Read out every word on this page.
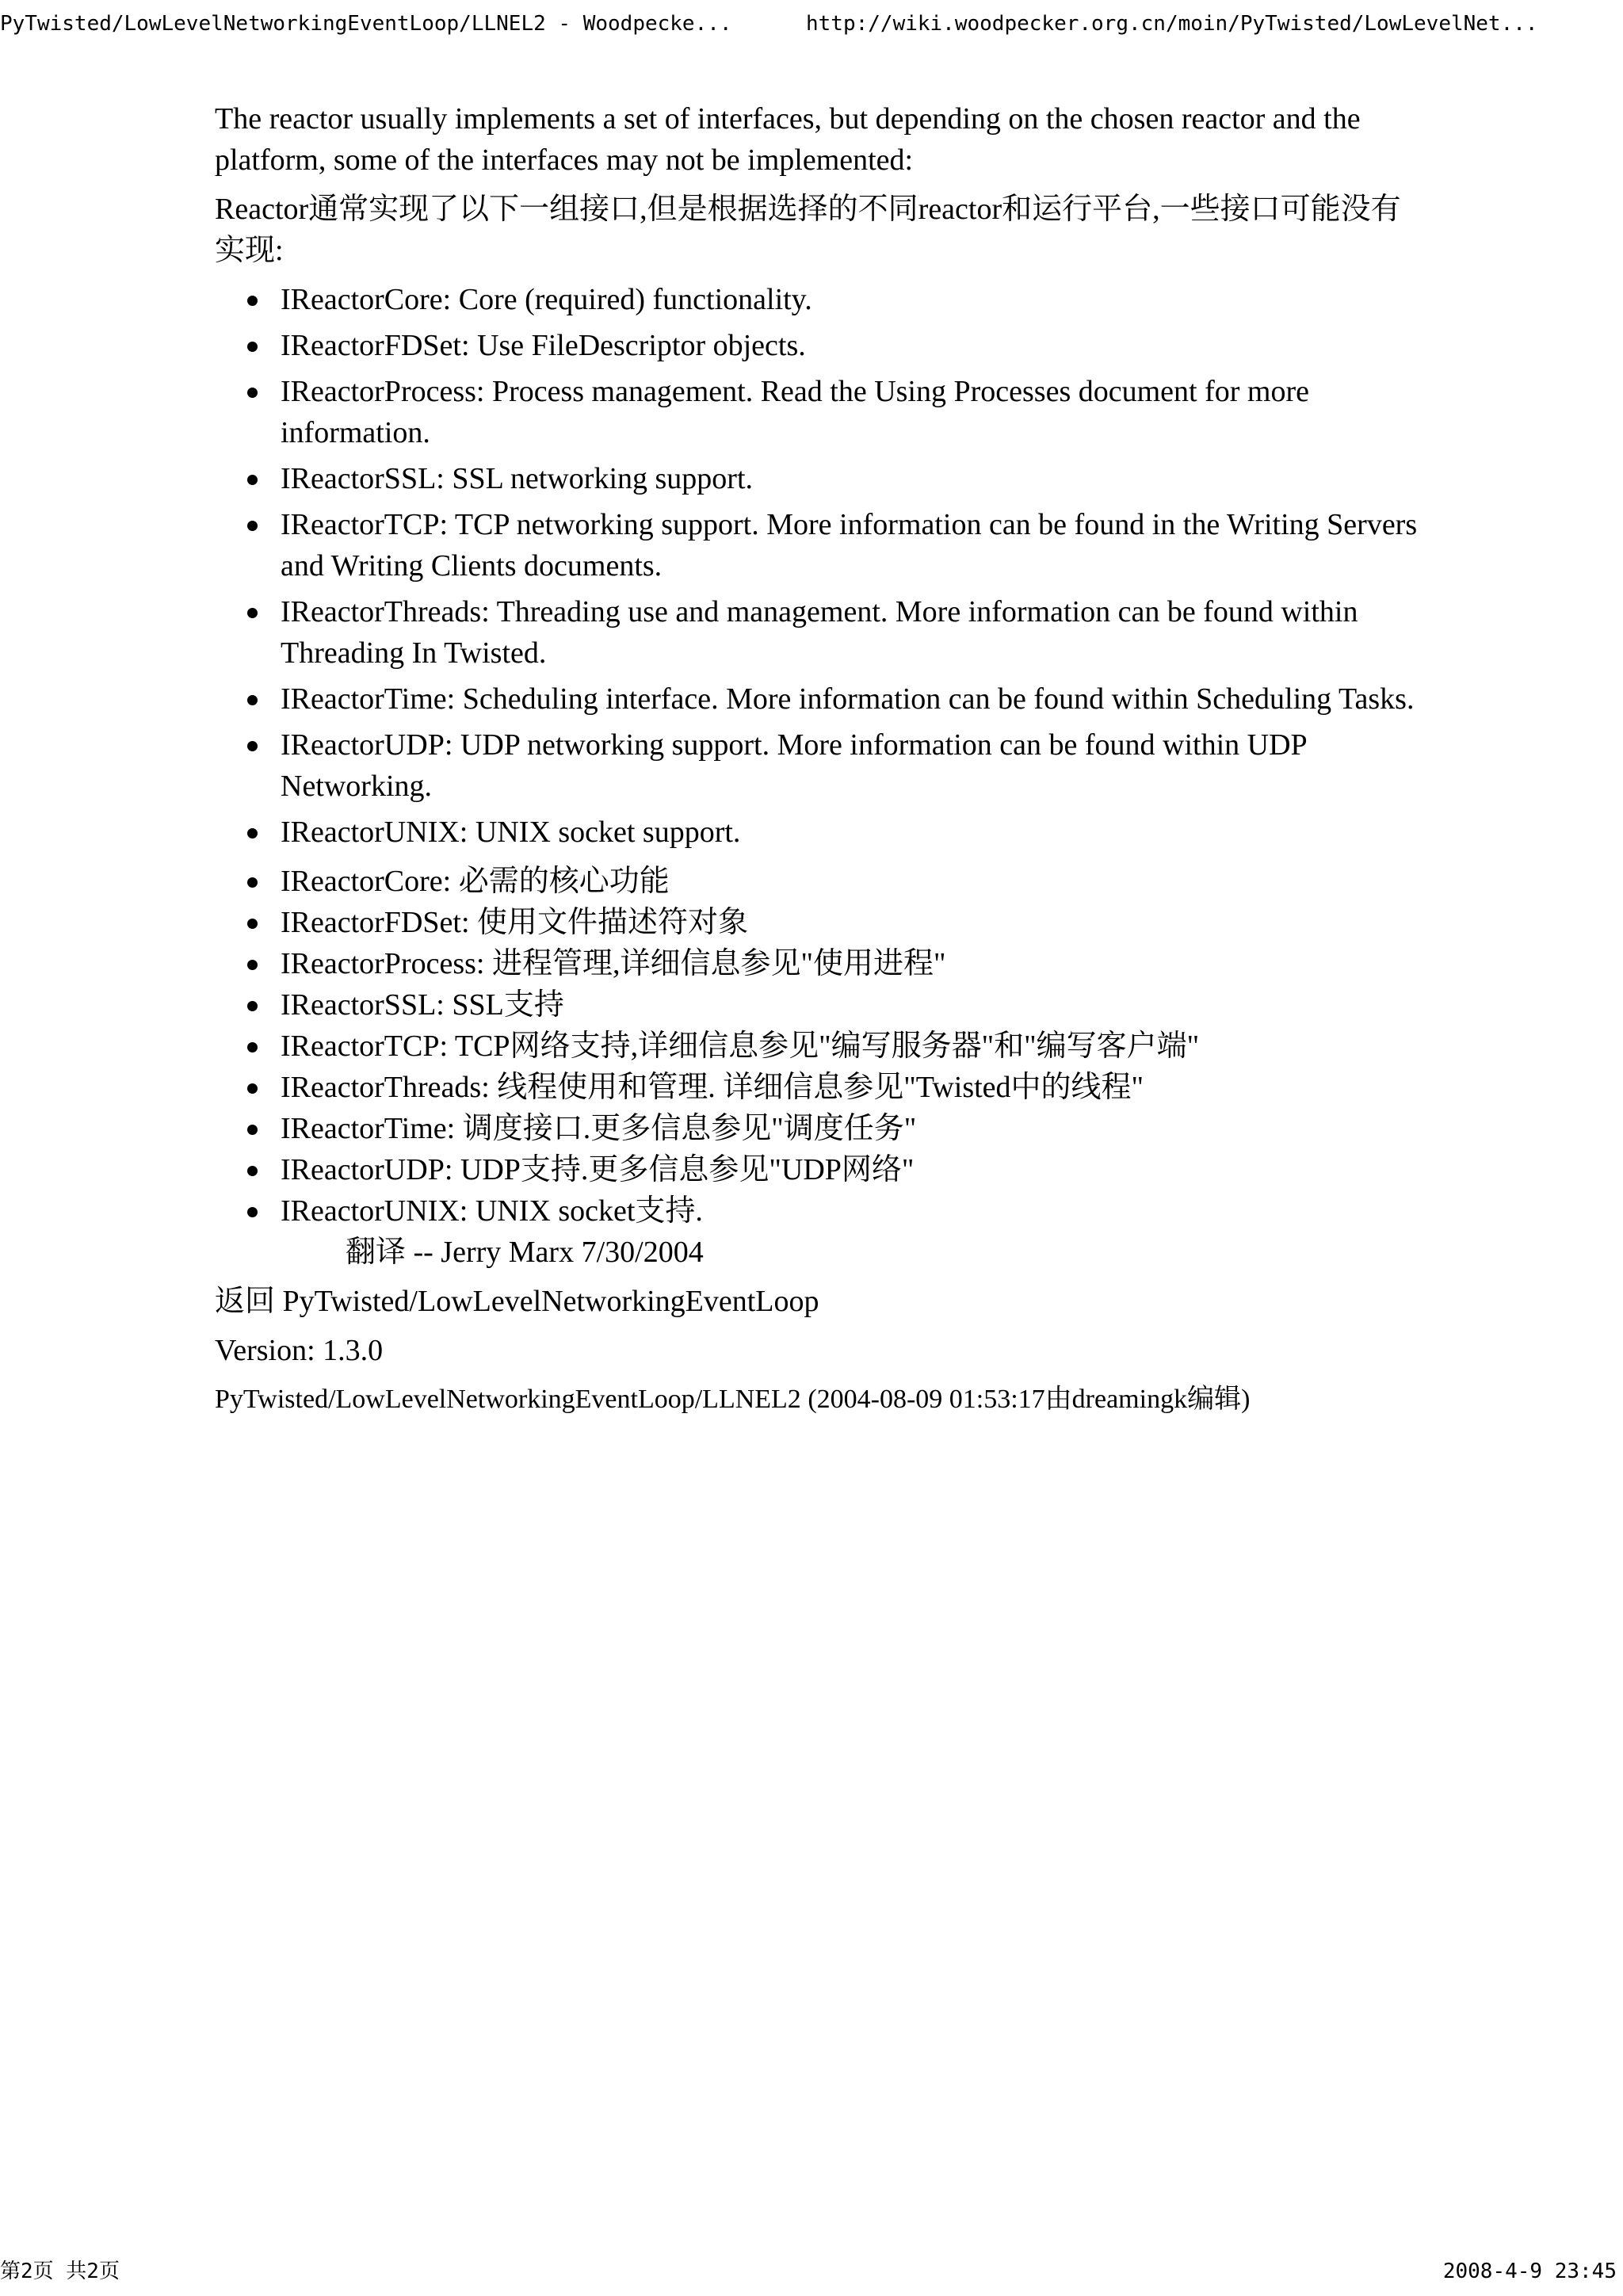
PyTwisted/LowLevelNetworkingEventLoop/LLNEL2 - Woodpecke...	http://wiki.woodpecker.org.cn/moin/PyTwisted/LowLevelNet...

The reactor usually implements a set of interfaces, but depending on the chosen reactor and the platform, some of the interfaces may not be implemented:

Reactor通常实现了以下一组接口,但是根据选择的不同reactor和运行平台,一些接口可能没有实现:

IReactorCore: Core (required) functionality.
IReactorFDSet: Use FileDescriptor objects.
IReactorProcess: Process management. Read the Using Processes document for more information.
IReactorSSL: SSL networking support.
IReactorTCP: TCP networking support. More information can be found in the Writing Servers and Writing Clients documents.
IReactorThreads: Threading use and management. More information can be found within Threading In Twisted.
IReactorTime: Scheduling interface. More information can be found within Scheduling Tasks.
IReactorUDP: UDP networking support. More information can be found within UDP Networking.
IReactorUNIX: UNIX socket support.
IReactorCore: 必需的核心功能
IReactorFDSet: 使用文件描述符对象
IReactorProcess: 进程管理,详细信息参见"使用进程"
IReactorSSL: SSL支持
IReactorTCP: TCP网络支持,详细信息参见"编写服务器"和"编写客户端"
IReactorThreads: 线程使用和管理. 详细信息参见"Twisted中的线程"
IReactorTime: 调度接口.更多信息参见"调度任务"
IReactorUDP: UDP支持.更多信息参见"UDP网络"
IReactorUNIX: UNIX socket支持.

翻译 -- Jerry Marx 7/30/2004

返回 PyTwisted/LowLevelNetworkingEventLoop

Version: 1.3.0

PyTwisted/LowLevelNetworkingEventLoop/LLNEL2 (2004-08-09 01:53:17由dreamingk编辑)

第2页 共2页	2008-4-9 23:45
